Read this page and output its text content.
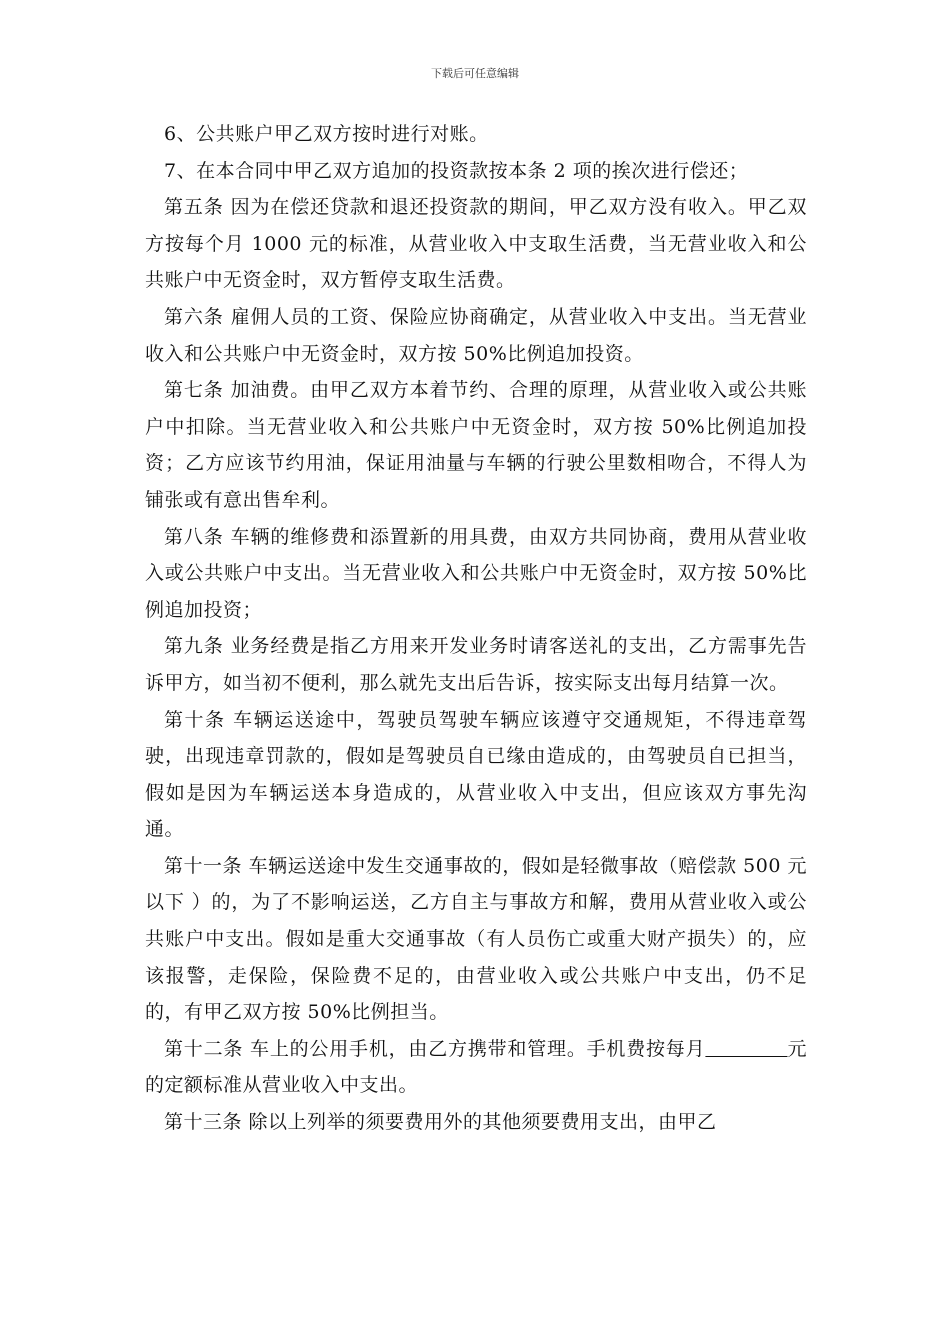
下载后可任意编辑

6、公共账户甲乙双方按时进行对账。

7、在本合同中甲乙双方追加的投资款按本条 2 项的挨次进行偿还；

第五条 因为在偿还贷款和退还投资款的期间，甲乙双方没有收入。甲乙双方按每个月 1000 元的标准，从营业收入中支取生活费，当无营业收入和公共账户中无资金时，双方暂停支取生活费。

第六条 雇佣人员的工资、保险应协商确定，从营业收入中支出。当无营业收入和公共账户中无资金时，双方按 50%比例追加投资。

第七条 加油费。由甲乙双方本着节约、合理的原理，从营业收入或公共账户中扣除。当无营业收入和公共账户中无资金时，双方按 50%比例追加投资；乙方应该节约用油，保证用油量与车辆的行驶公里数相吻合，不得人为铺张或有意出售牟利。

第八条 车辆的维修费和添置新的用具费，由双方共同协商，费用从营业收入或公共账户中支出。当无营业收入和公共账户中无资金时，双方按 50%比例追加投资；

第九条 业务经费是指乙方用来开发业务时请客送礼的支出，乙方需事先告诉甲方，如当初不便利，那么就先支出后告诉，按实际支出每月结算一次。

第十条 车辆运送途中，驾驶员驾驶车辆应该遵守交通规矩，不得违章驾驶，出现违章罚款的，假如是驾驶员自已缘由造成的，由驾驶员自已担当，假如是因为车辆运送本身造成的，从营业收入中支出，但应该双方事先沟通。

第十一条 车辆运送途中发生交通事故的，假如是轻微事故（赔偿款 500 元以下 ）的，为了不影响运送，乙方自主与事故方和解，费用从营业收入或公共账户中支出。假如是重大交通事故（有人员伤亡或重大财产损失）的，应该报警，走保险，保险费不足的，由营业收入或公共账户中支出，仍不足的，有甲乙双方按 50%比例担当。

第十二条 车上的公用手机，由乙方携带和管理。手机费按每月	元的定额标准从营业收入中支出。

第十三条 除以上列举的须要费用外的其他须要费用支出，由甲乙
